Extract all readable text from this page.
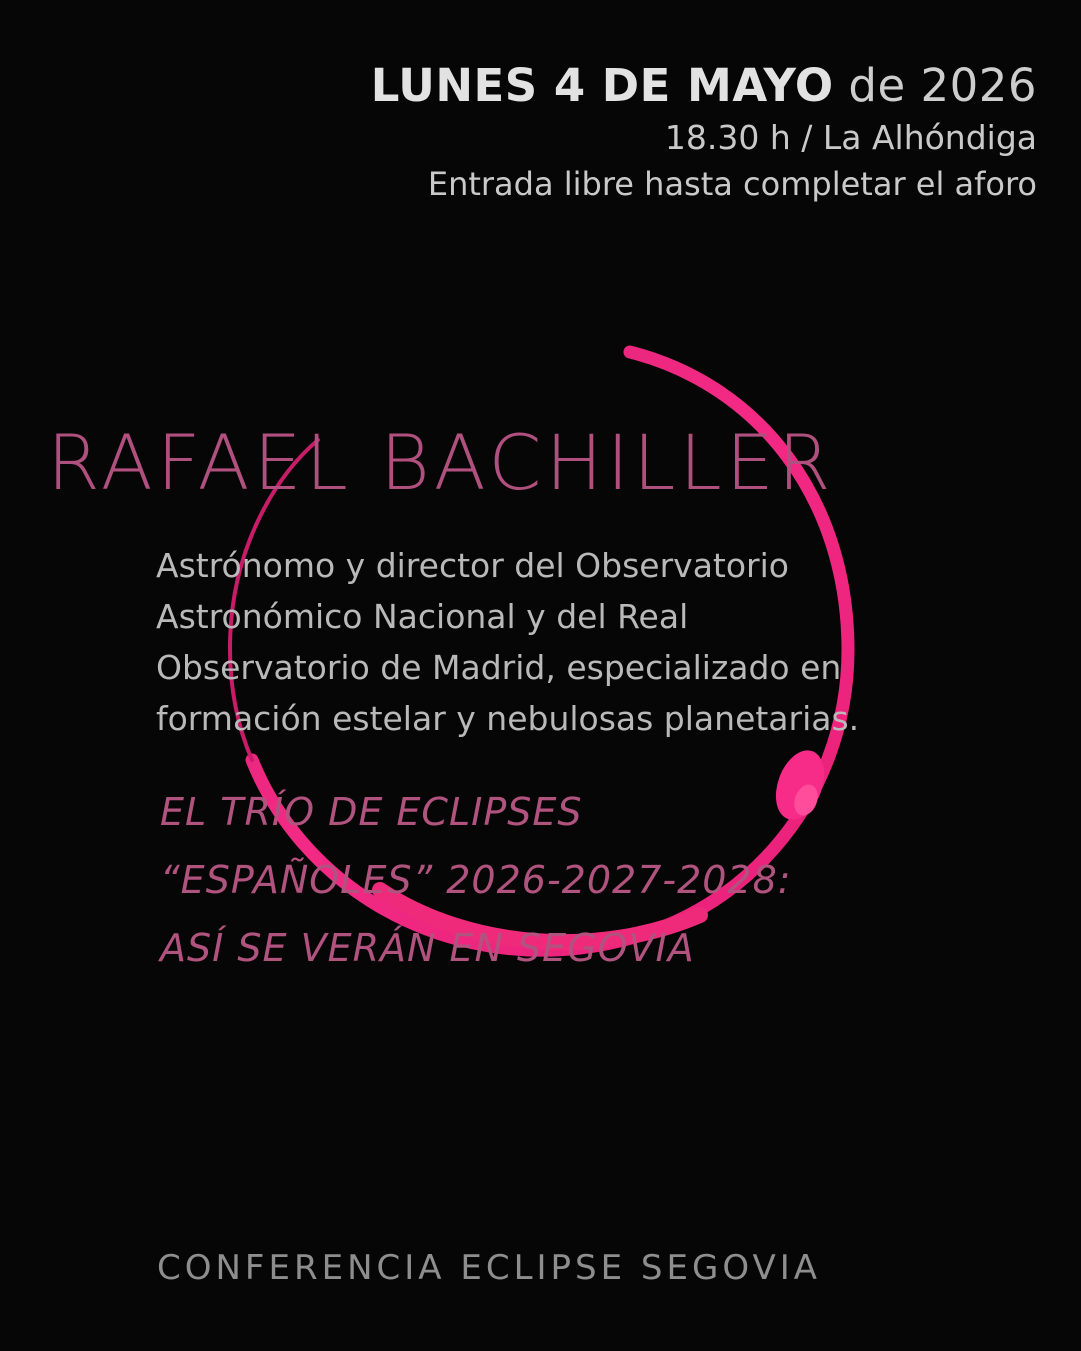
LUNES 4 DE MAYO de 2026
18.30 h / La Alhóndiga
Entrada libre hasta completar el aforo
RAFAEL BACHILLER
Astrónomo y director del Observatorio
Astronómico Nacional y del Real
Observatorio de Madrid, especializado en
formación estelar y nebulosas planetarias.
EL TRÍO DE ECLIPSES
“ESPAÑOLES” 2026-2027-2028:
ASÍ SE VERÁN EN SEGOVIA
CONFERENCIA ECLIPSE SEGOVIA
